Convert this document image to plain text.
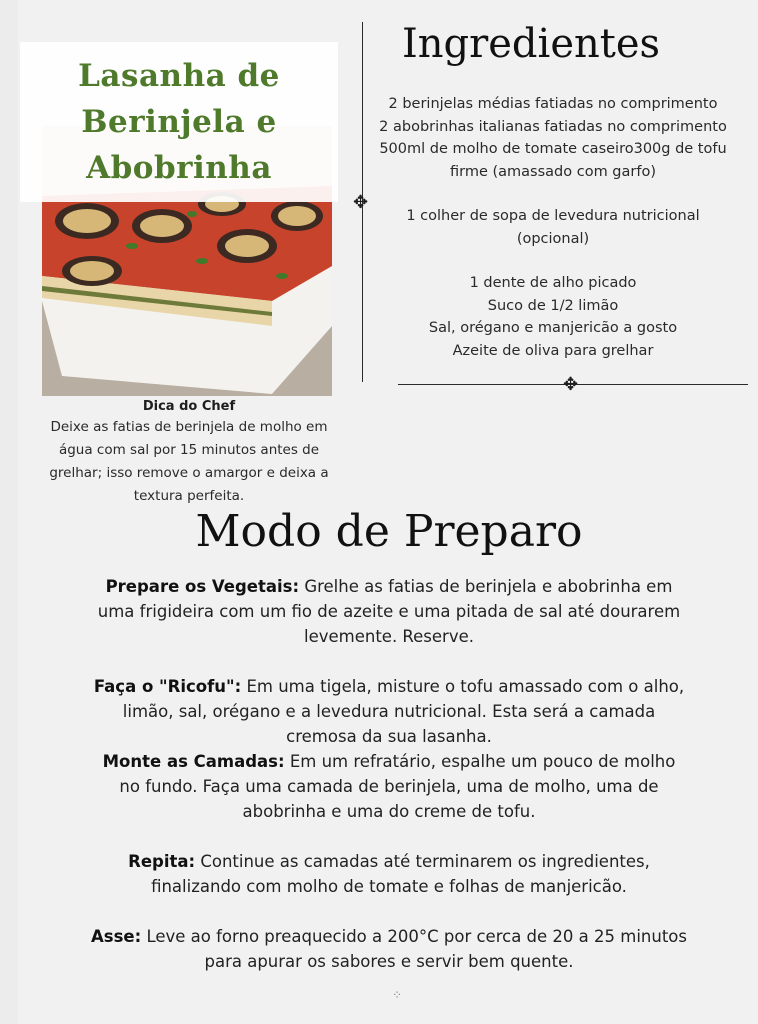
Lasanha de Berinjela e Abobrinha
Dica do Chef
Deixe as fatias de berinjela de molho em água com sal por 15 minutos antes de grelhar; isso remove o amargor e deixa a textura perfeita.
✥
✥
Ingredientes
2 berinjelas médias fatiadas no comprimento
2 abobrinhas italianas fatiadas no comprimento
500ml de molho de tomate caseiro300g de tofu firme (amassado com garfo)
1 colher de sopa de levedura nutricional (opcional)
1 dente de alho picado
Suco de 1/2 limão
Sal, orégano e manjericão a gosto
Azeite de oliva para grelhar
Modo de Preparo

Prepare os Vegetais: Grelhe as fatias de berinjela e abobrinha em uma frigideira com um fio de azeite e uma pitada de sal até dourarem levemente. Reserve.

Faça o "Ricofu": Em uma tigela, misture o tofu amassado com o alho, limão, sal, orégano e a levedura nutricional. Esta será a camada cremosa da sua lasanha.

Monte as Camadas: Em um refratário, espalhe um pouco de molho no fundo. Faça uma camada de berinjela, uma de molho, uma de abobrinha e uma do creme de tofu.

Repita: Continue as camadas até terminarem os ingredientes, finalizando com molho de tomate e folhas de manjericão.

Asse: Leve ao forno preaquecido a 200°C por cerca de 20 a 25 minutos para apurar os sabores e servir bem quente.

⁘
